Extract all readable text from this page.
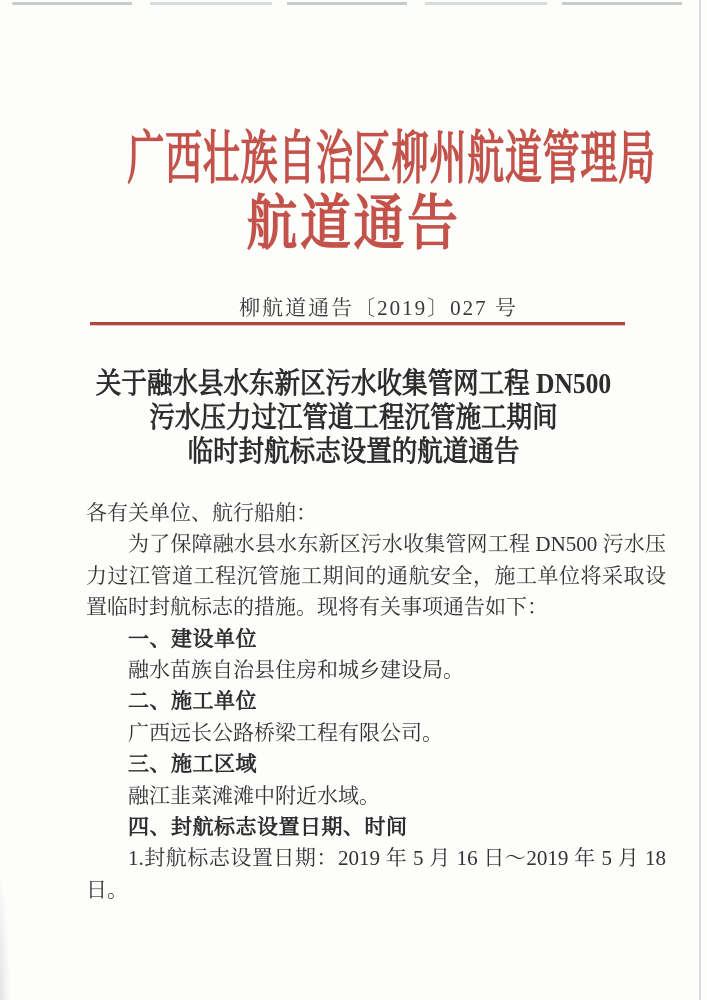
广西壮族自治区柳州航道管理局
航道通告
柳航道通告〔2019〕027 号
关于融水县水东新区污水收集管网工程 DN500
污水压力过江管道工程沉管施工期间
临时封航标志设置的航道通告

各有关单位、航行船舶：

为了保障融水县水东新区污水收集管网工程 DN500 污水压力过江管道工程沉管施工期间的通航安全，施工单位将采取设置临时封航标志的措施。现将有关事项通告如下：

一、建设单位

融水苗族自治县住房和城乡建设局。

二、施工单位

广西远长公路桥梁工程有限公司。

三、施工区域

融江韭菜滩滩中附近水域。

四、封航标志设置日期、时间

1.封航标志设置日期：2019 年 5 月 16 日～2019 年 5 月 18 日。
